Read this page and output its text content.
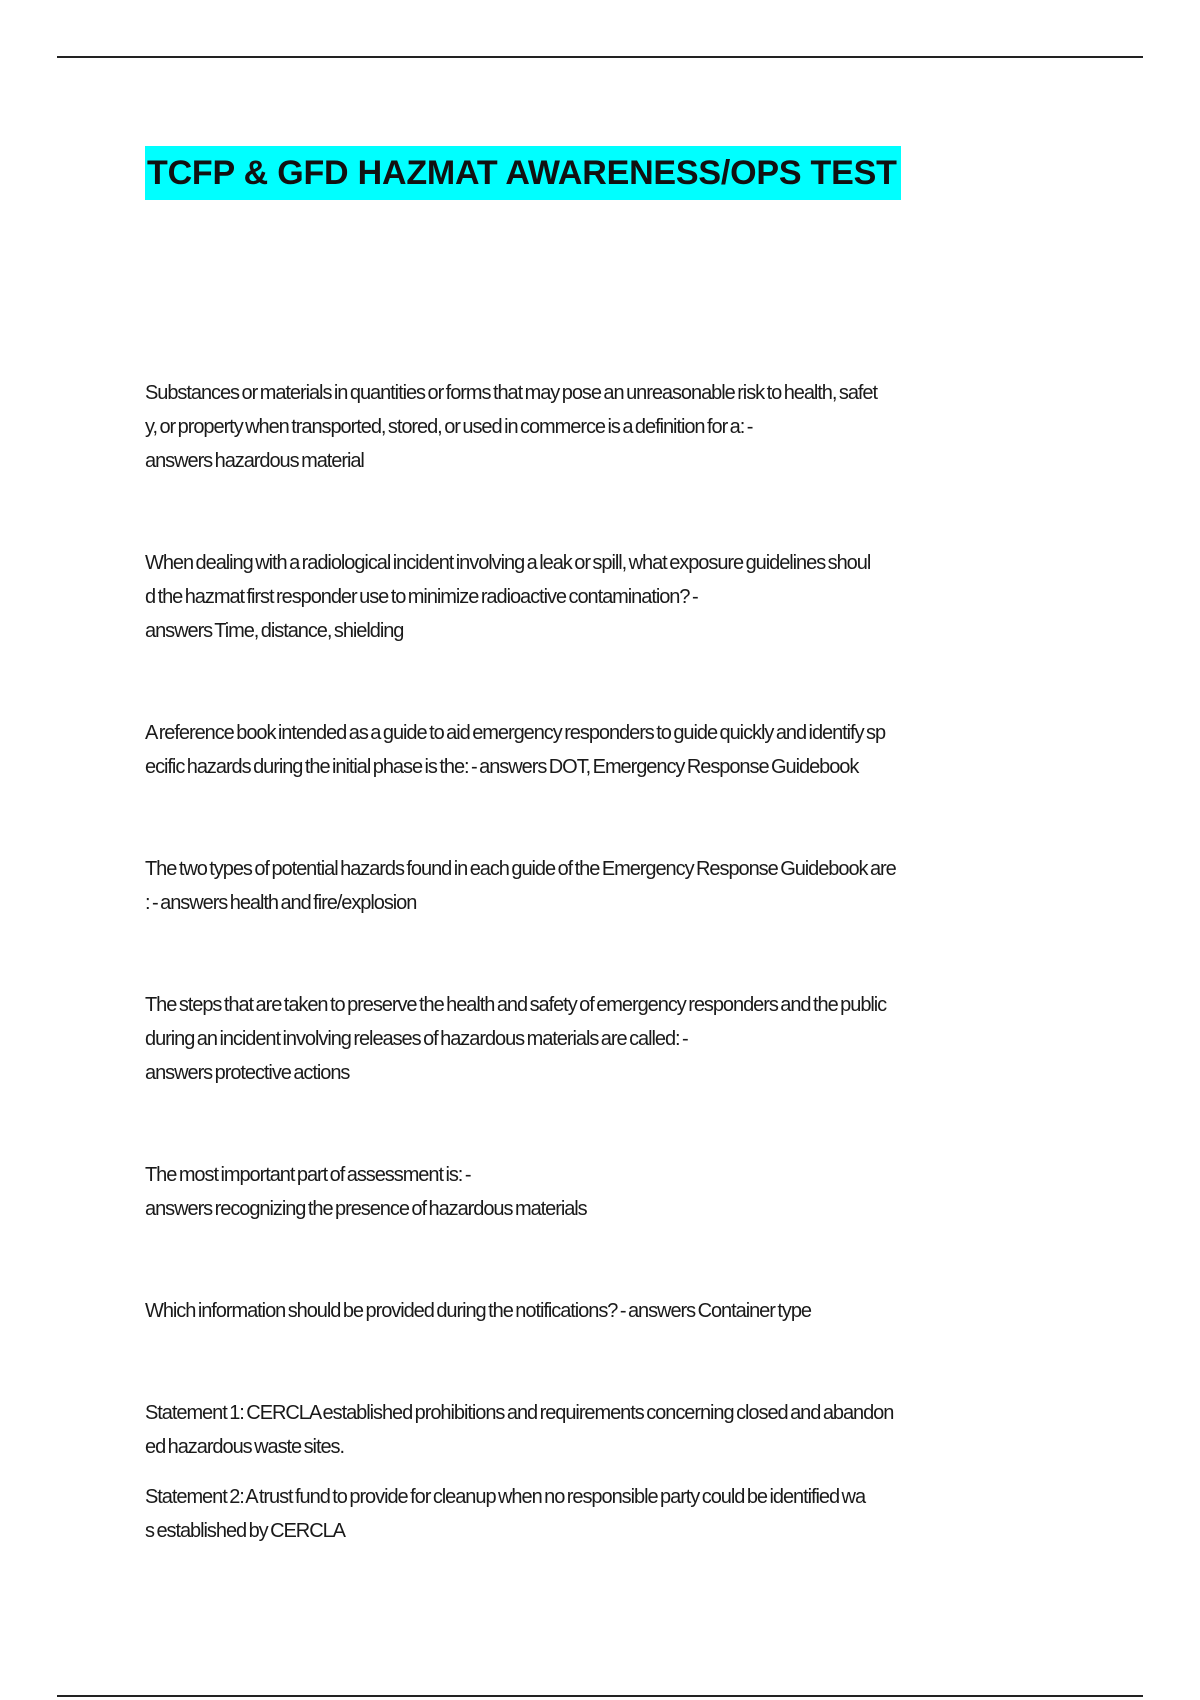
TCFP & GFD HAZMAT AWARENESS/OPS TEST

Substances or materials in quantities or forms that may pose an unreasonable risk to health, safet
y, or property when transported, stored, or used in commerce is a definition for a: -
answers hazardous material

When dealing with a radiological incident involving a leak or spill, what exposure guidelines shoul
d the hazmat first responder use to minimize radioactive contamination? -
answers Time, distance, shielding

A reference book intended as a guide to aid emergency responders to guide quickly and identify sp
ecific hazards during the initial phase is the: - answers DOT, Emergency Response Guidebook

The two types of potential hazards found in each guide of the Emergency Response Guidebook are
: - answers health and fire/explosion

The steps that are taken to preserve the health and safety of emergency responders and the public
during an incident involving releases of hazardous materials are called: -
answers protective actions

The most important part of assessment is: -
answers recognizing the presence of hazardous materials

Which information should be provided during the notifications? - answers Container type

Statement 1: CERCLA established prohibitions and requirements concerning closed and abandon
ed hazardous waste sites.

Statement 2: A trust fund to provide for cleanup when no responsible party could be identified wa
s established by CERCLA
